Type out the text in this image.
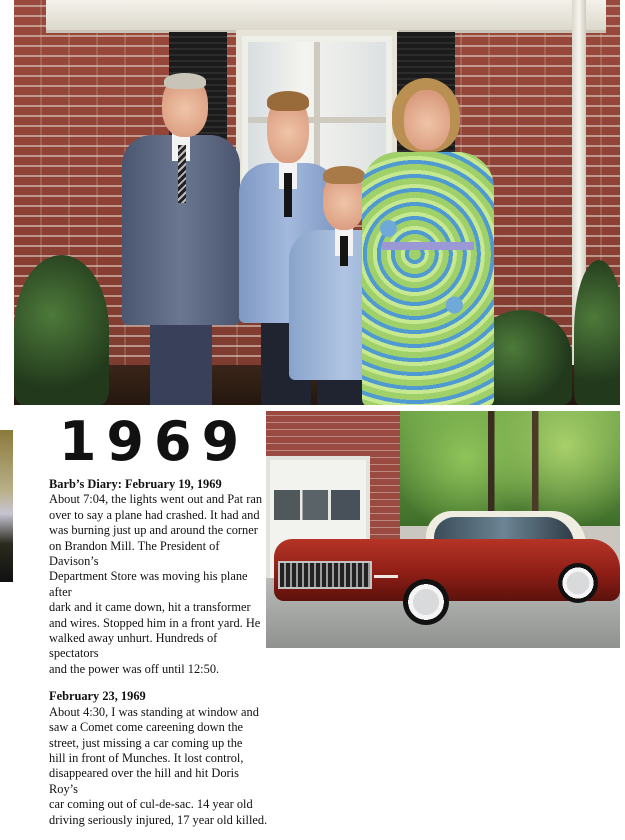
1969
Barb’s Diary: February 19, 1969

About 7:04, the lights went out and Pat ran
over to say a plane had crashed. It had and
was burning just up and around the corner
on Brandon Mill. The President of Davison’s
Department Store was moving his plane after
dark and it came down, hit a transformer
and wires. Stopped him in a front yard. He
walked away unhurt. Hundreds of spectators
and the power was off until 12:50.

February 23, 1969

About 4:30, I was standing at window and
saw a Comet come careening down the
street, just missing a car coming up the
hill in front of Munches. It lost control,
disappeared over the hill and hit Doris Roy’s
car coming out of cul-de-sac. 14 year old
driving seriously injured, 17 year old killed.
